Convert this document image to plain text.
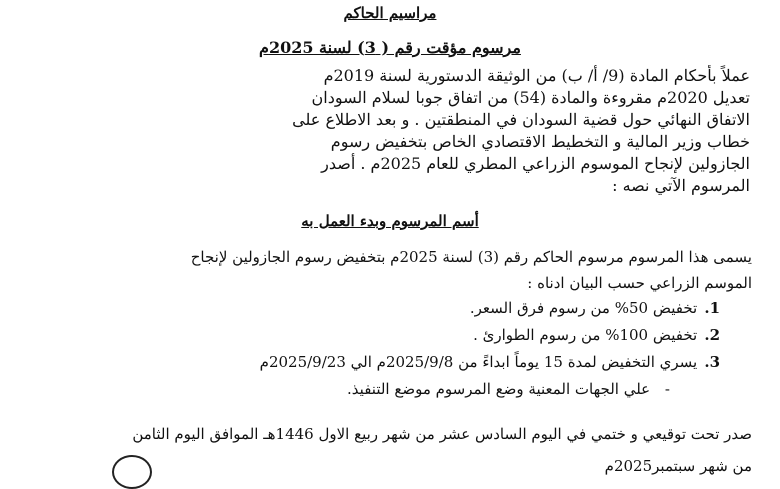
مراسيم الحاكم
مرسوم مؤقت رقم ( 3) لسنة 2025م
عملاً بأحكام المادة (9/ أ/ ب) من الوثيقة الدستورية لسنة 2019م
تعديل 2020م مقروءة والمادة (54) من اتفاق جوبا لسلام السودان
الاتفاق النهائي حول قضية السودان في المنطقتين . و بعد الاطلاع على
خطاب وزير المالية و التخطيط الاقتصادي الخاص بتخفيض رسوم
الجازولين لإنجاح الموسوم الزراعي المطري للعام 2025م . أصدر
المرسوم الآتي نصه :
أسم المرسوم وبدء العمل به
يسمى هذا المرسوم مرسوم الحاكم رقم (3) لسنة 2025م بتخفيض رسوم الجازولين لإنجاح
الموسم الزراعي حسب البيان ادناه :
1. تخفيض 50% من رسوم فرق السعر.
2. تخفيض 100% من رسوم الطوارئ .
3. يسري التخفيض لمدة 15 يوماً ابداءً من 2025/9/8م الي 2025/9/23م
- علي الجهات المعنية وضع المرسوم موضع التنفيذ.
صدر تحت توقيعي و ختمي في اليوم السادس عشر من شهر ربيع الاول 1446هـ الموافق اليوم الثامن
من شهر سبتمبر2025م
